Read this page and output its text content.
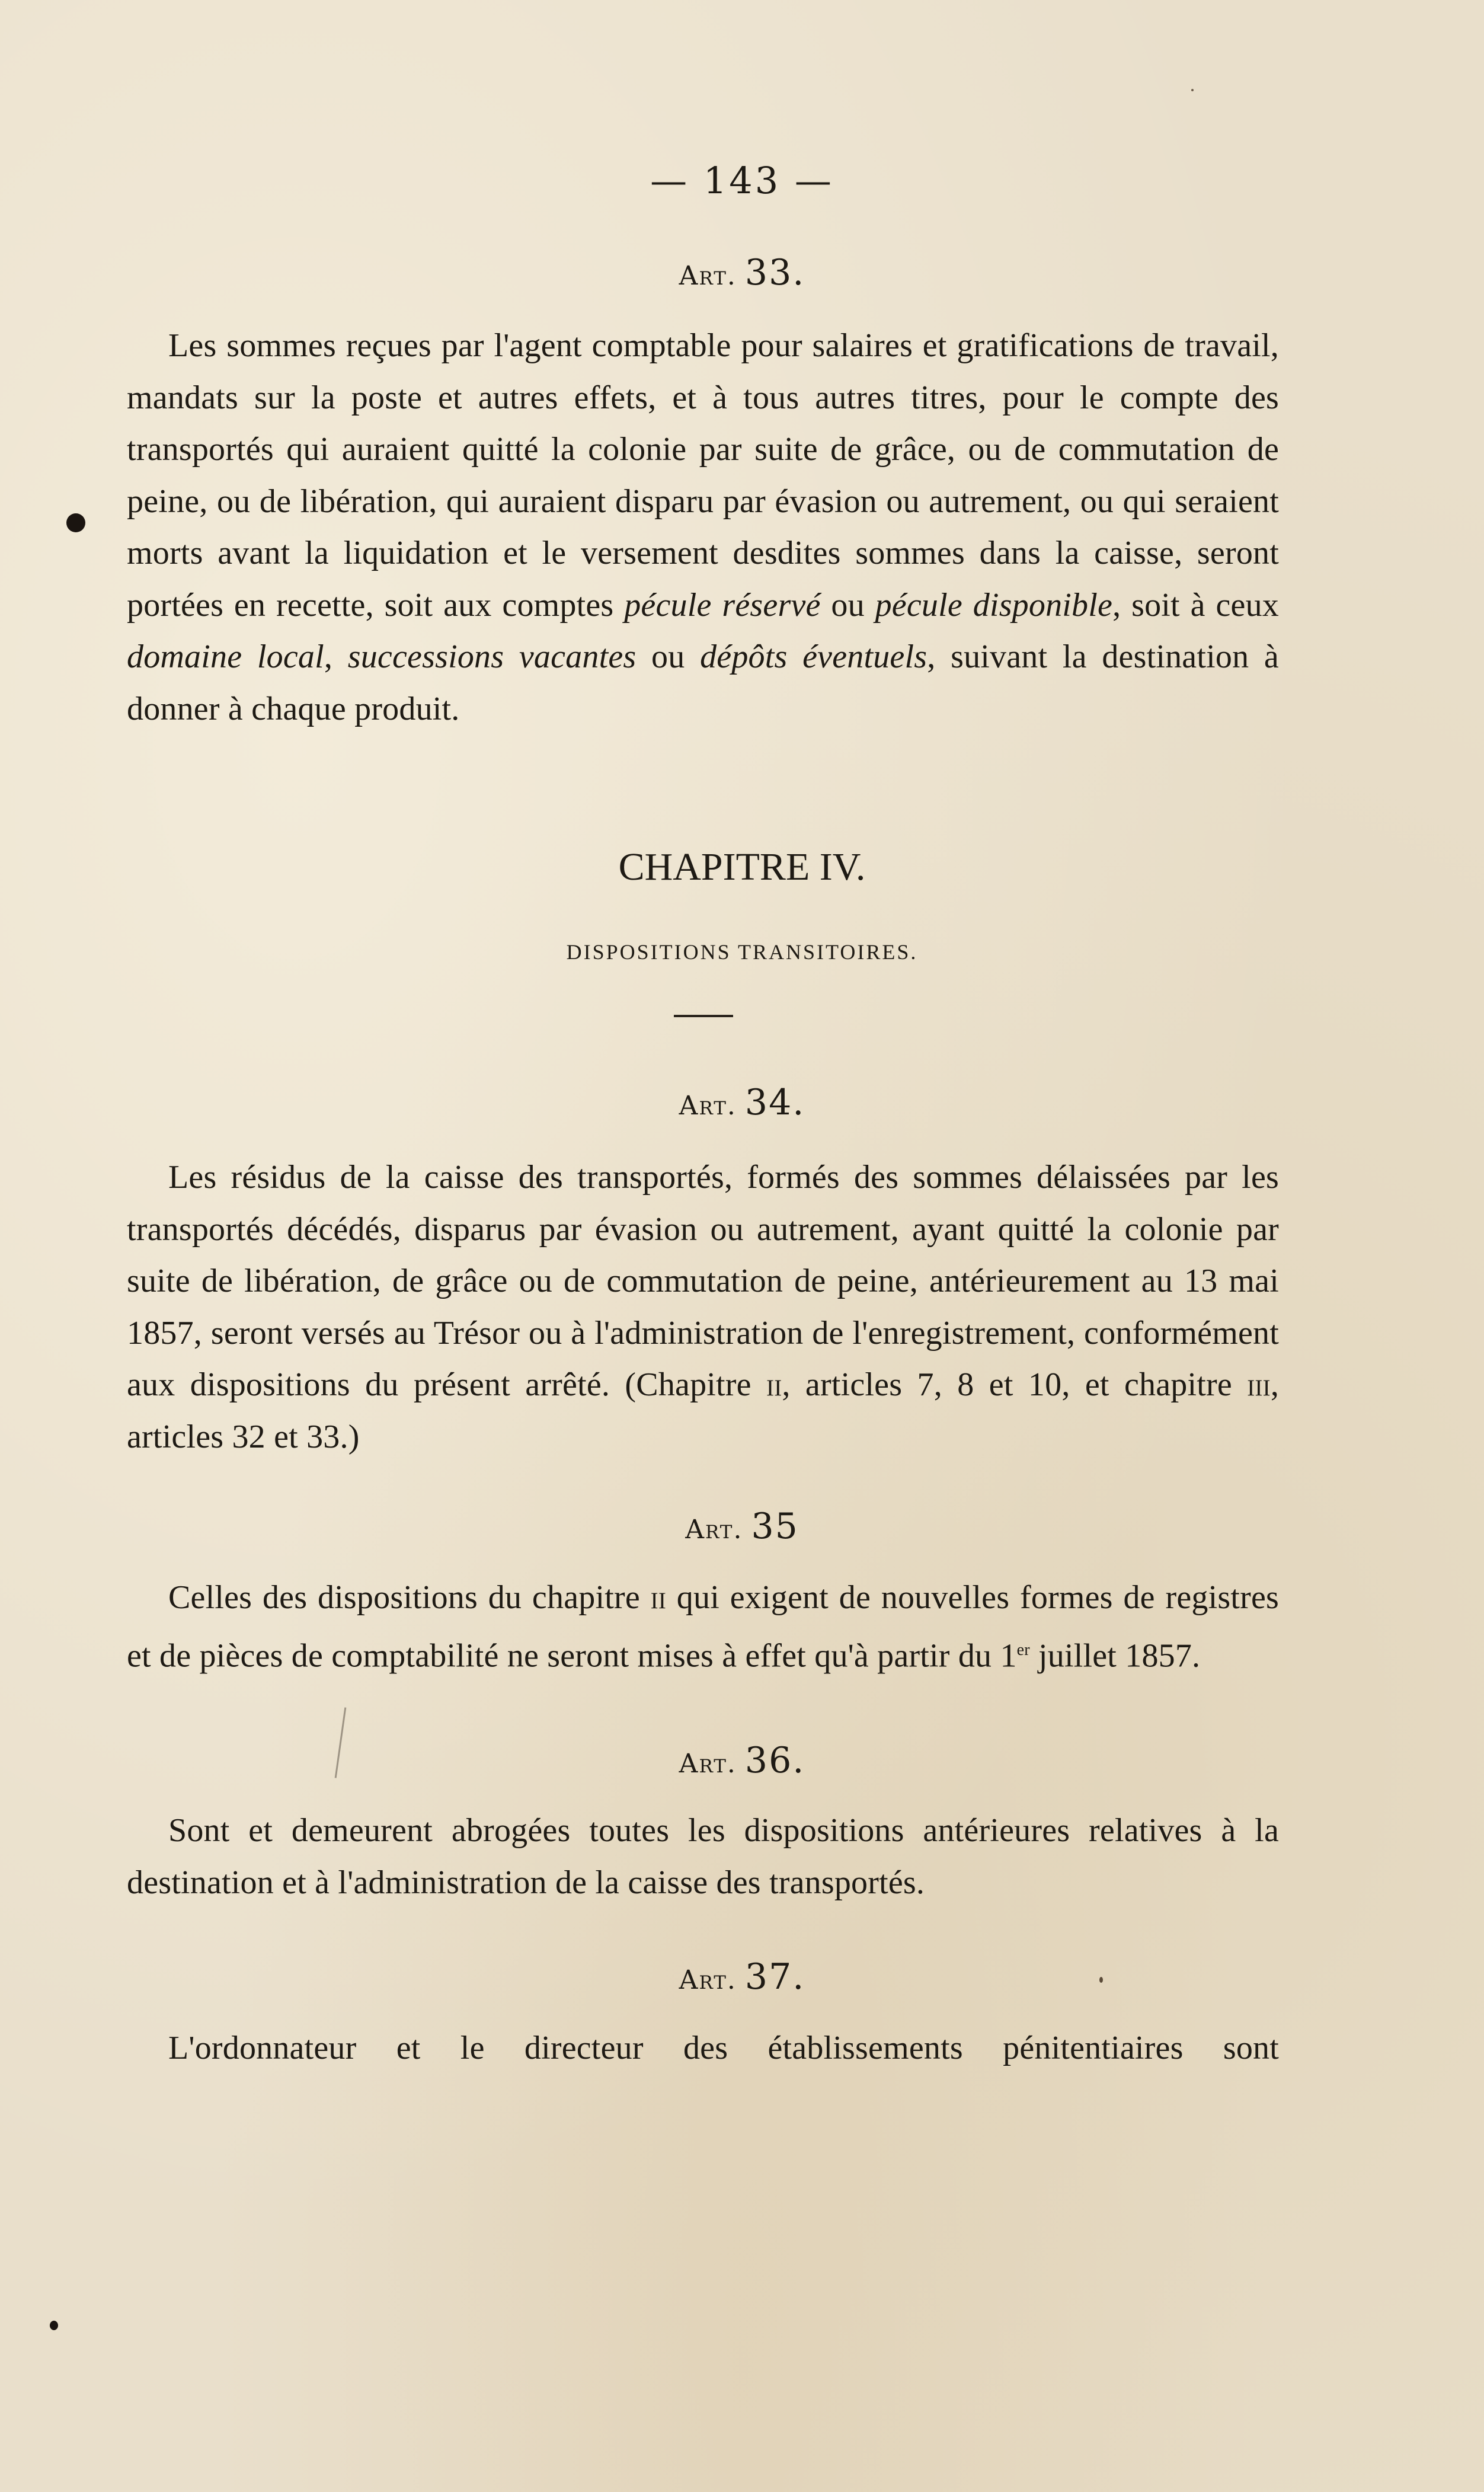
— 143 —
Art. 33.
Les sommes reçues par l'agent comptable pour salaires et gratifications de travail, mandats sur la poste et autres effets, et à tous autres titres, pour le compte des transportés qui auraient quitté la colonie par suite de grâce, ou de commutation de peine, ou de libération, qui auraient disparu par évasion ou autrement, ou qui seraient morts avant la liquidation et le versement desdites sommes dans la caisse, seront portées en recette, soit aux comptes pécule réservé ou pécule disponible, soit à ceux domaine local, successions vacantes ou dépôts éventuels, suivant la destination à donner à chaque produit.
CHAPITRE IV.
DISPOSITIONS TRANSITOIRES.
Art. 34.
Les résidus de la caisse des transportés, formés des sommes délaissées par les transportés décédés, disparus par évasion ou autrement, ayant quitté la colonie par suite de libération, de grâce ou de commutation de peine, antérieurement au 13 mai 1857, seront versés au Trésor ou à l'administration de l'enregistrement, conformément aux dispositions du présent arrêté. (Chapitre ii, articles 7, 8 et 10, et chapitre iii, articles 32 et 33.)
Art. 35
Celles des dispositions du chapitre ii qui exigent de nouvelles formes de registres et de pièces de comptabilité ne seront mises à effet qu'à partir du 1er juillet 1857.
Art. 36.
Sont et demeurent abrogées toutes les dispositions antérieures relatives à la destination et à l'administration de la caisse des transportés.
Art. 37.
L'ordonnateur et le directeur des établissements pénitentiaires sont
